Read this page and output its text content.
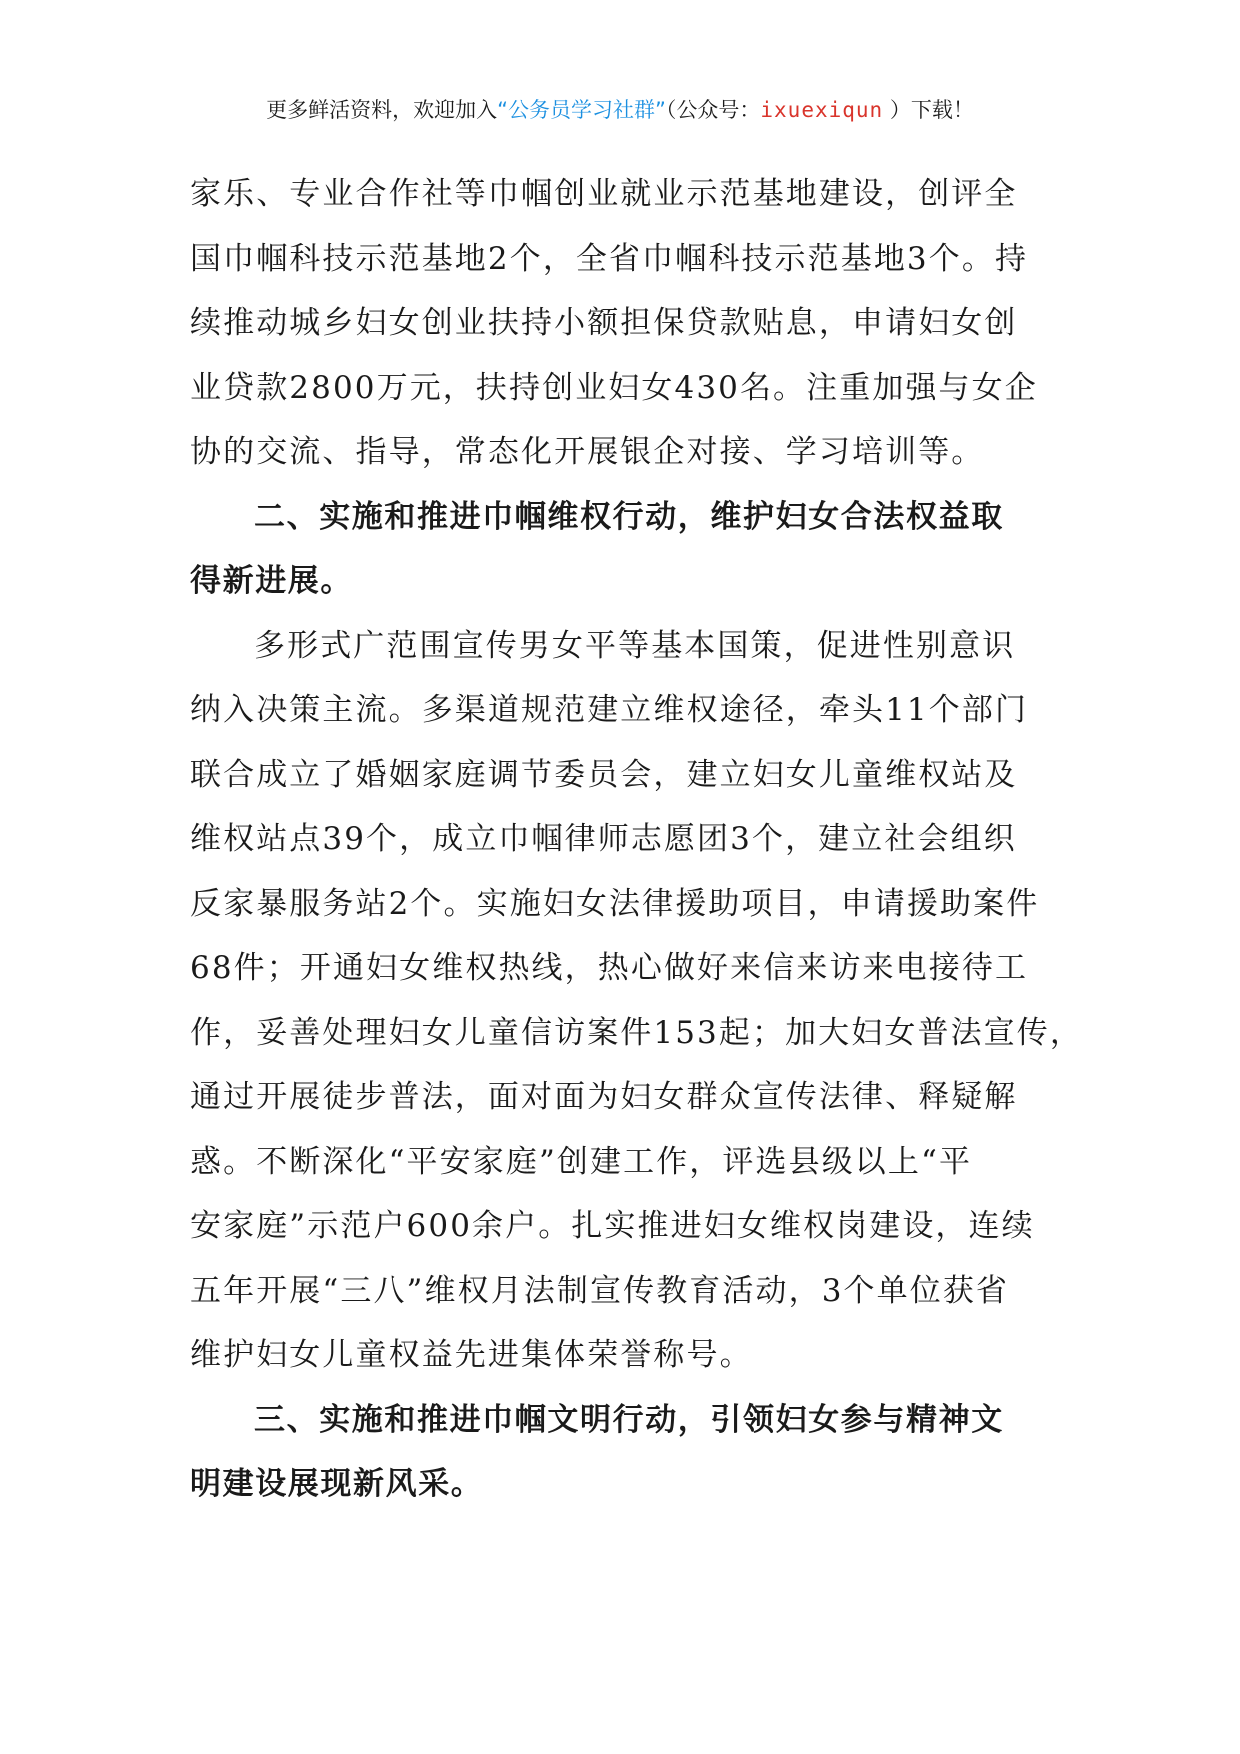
更多鲜活资料，欢迎加入“公务员学习社群”（公众号：ixuexiqun ）下载！
家乐、专业合作社等巾帼创业就业示范基地建设，创评全
国巾帼科技示范基地2个，全省巾帼科技示范基地3个。持
续推动城乡妇女创业扶持小额担保贷款贴息，申请妇女创
业贷款2800万元，扶持创业妇女430名。注重加强与女企
协的交流、指导，常态化开展银企对接、学习培训等。
二、实施和推进巾帼维权行动，维护妇女合法权益取
得新进展。
多形式广范围宣传男女平等基本国策，促进性别意识
纳入决策主流。多渠道规范建立维权途径，牵头11个部门
联合成立了婚姻家庭调节委员会，建立妇女儿童维权站及
维权站点39个，成立巾帼律师志愿团3个，建立社会组织
反家暴服务站2个。实施妇女法律援助项目，申请援助案件
68件；开通妇女维权热线，热心做好来信来访来电接待工
作，妥善处理妇女儿童信访案件153起；加大妇女普法宣传，
通过开展徒步普法，面对面为妇女群众宣传法律、释疑解
惑。不断深化“平安家庭”创建工作，评选县级以上“平
安家庭”示范户600余户。扎实推进妇女维权岗建设，连续
五年开展“三八”维权月法制宣传教育活动，3个单位获省
维护妇女儿童权益先进集体荣誉称号。
三、实施和推进巾帼文明行动，引领妇女参与精神文
明建设展现新风采。
